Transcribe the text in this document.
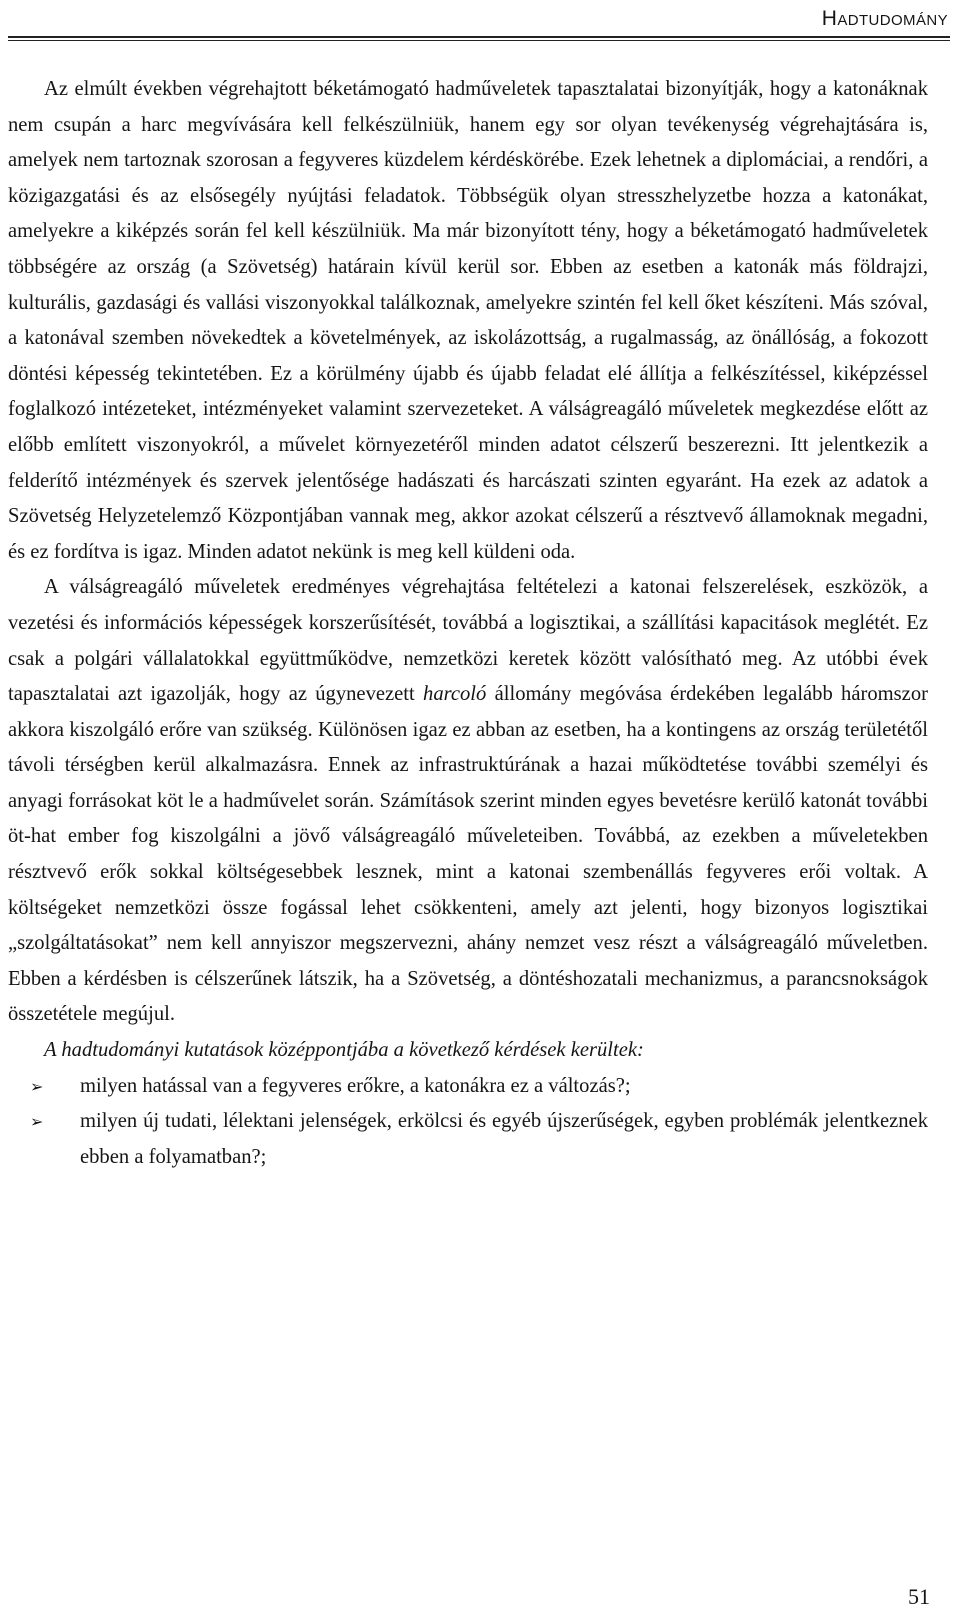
Hadtudomány

Az elmúlt években végrehajtott béketámogató hadműveletek tapasztalatai bizonyítják, hogy a katonáknak nem csupán a harc megvívására kell felkészülniük, hanem egy sor olyan tevékenység végrehajtására is, amelyek nem tartoznak szorosan a fegyveres küzdelem kérdéskörébe. Ezek lehetnek a diplomáciai, a rendőri, a közigazgatási és az elsősegély nyújtási feladatok. Többségük olyan stresszhelyzetbe hozza a katonákat, amelyekre a kiképzés során fel kell készülniük. Ma már bizonyított tény, hogy a béketámogató hadműveletek többségére az ország (a Szövetség) határain kívül kerül sor. Ebben az esetben a katonák más földrajzi, kulturális, gazdasági és vallási viszonyokkal találkoznak, amelyekre szintén fel kell őket készíteni. Más szóval, a katonával szemben növekedtek a követelmények, az iskolázottság, a rugalmasság, az önállóság, a fokozott döntési képesség tekintetében. Ez a körülmény újabb és újabb feladat elé állítja a felkészítéssel, kiképzéssel foglalkozó intézeteket, intézményeket valamint szervezeteket. A válságreagáló műveletek megkezdése előtt az előbb említett viszonyokról, a művelet környezetéről minden adatot célszerű beszerezni. Itt jelentkezik a felderítő intézmények és szervek jelentősége hadászati és harcászati szinten egyaránt. Ha ezek az adatok a Szövetség Helyzetelemző Központjában vannak meg, akkor azokat célszerű a résztvevő államoknak megadni, és ez fordítva is igaz. Minden adatot nekünk is meg kell küldeni oda.

A válságreagáló műveletek eredményes végrehajtása feltételezi a katonai felszerelések, eszközök, a vezetési és információs képességek korszerűsítését, továbbá a logisztikai, a szállítási kapacitások meglétét. Ez csak a polgári vállalatokkal együttműködve, nemzetközi keretek között valósítható meg. Az utóbbi évek tapasztalatai azt igazolják, hogy az úgynevezett harcoló állomány megóvása érdekében legalább háromszor akkora kiszolgáló erőre van szükség. Különösen igaz ez abban az esetben, ha a kontingens az ország területétől távoli térségben kerül alkalmazásra. Ennek az infrastruktúrának a hazai működtetése további személyi és anyagi forrásokat köt le a hadművelet során. Számítások szerint minden egyes bevetésre kerülő katonát további öt-hat ember fog kiszolgálni a jövő válságreagáló műveleteiben. Továbbá, az ezekben a műveletekben résztvevő erők sokkal költségesebbek lesznek, mint a katonai szembenállás fegyveres erői voltak. A költségeket nemzetközi össze fogással lehet csökkenteni, amely azt jelenti, hogy bizonyos logisztikai „szolgáltatásokat” nem kell annyiszor megszervezni, ahány nemzet vesz részt a válságreagáló műveletben. Ebben a kérdésben is célszerűnek látszik, ha a Szövetség, a döntéshozatali mechanizmus, a parancsnokságok összetétele megújul.

A hadtudományi kutatások középpontjába a következő kérdések kerültek:

➢ milyen hatással van a fegyveres erőkre, a katonákra ez a változás?;
➢ milyen új tudati, lélektani jelenségek, erkölcsi és egyéb újszerűségek, egyben problémák jelentkeznek ebben a folyamatban?;
51
